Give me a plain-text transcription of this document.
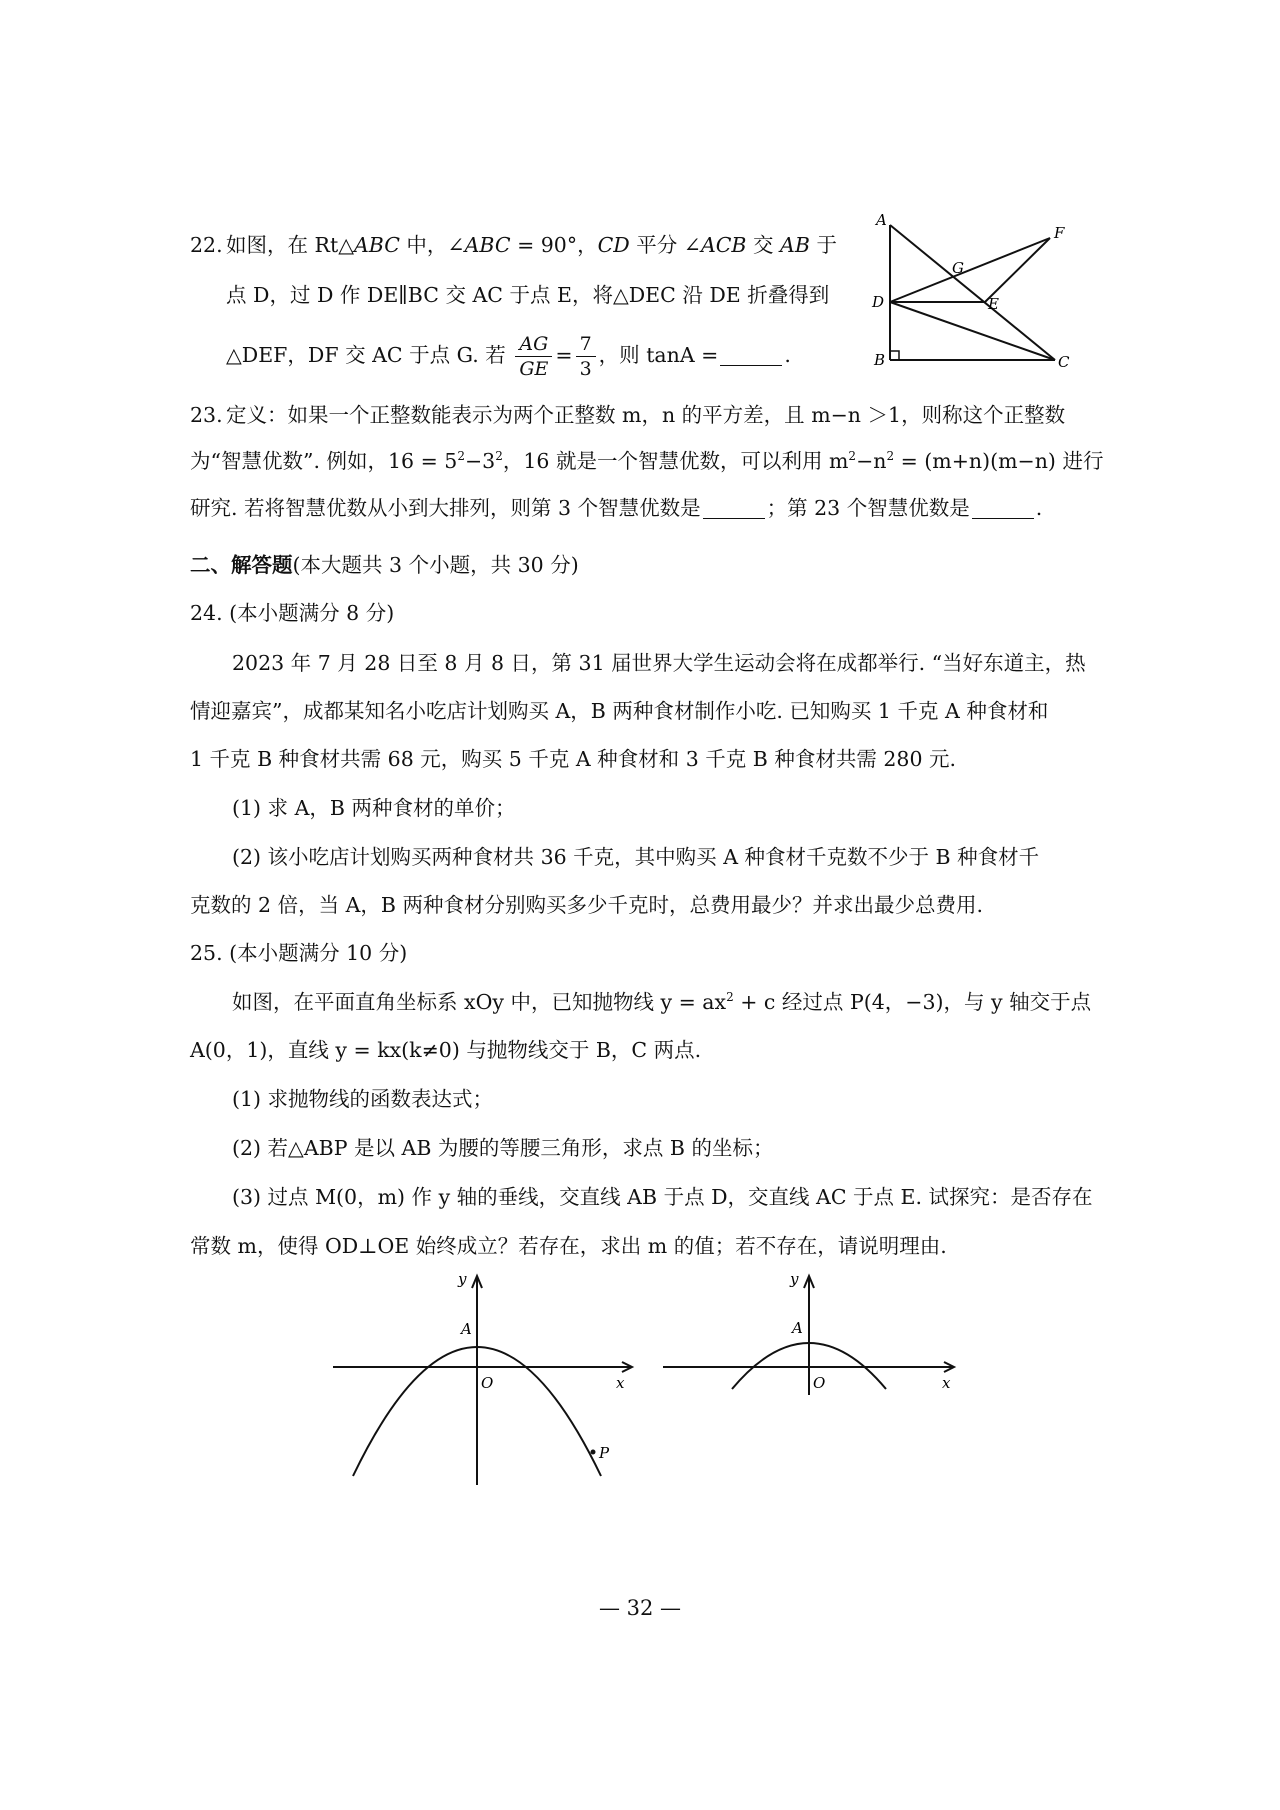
22. 如图，在 Rt△ABC 中，∠ABC = 90°，CD 平分 ∠ACB 交 AB 于
点 D，过 D 作 DE∥BC 交 AC 于点 E，将△DEC 沿 DE 折叠得到
△DEF，DF 交 AC 于点 G. 若 $\frac{AG}{GE} = \frac{7}{3}$ ，则 tanA =	.
A
B	C
D	E
F
G
23. 定义：如果一个正整数能表示为两个正整数 m，n 的平方差，且 m−n ＞1，则称这个正整数
为“智慧优数”. 例如，$16 = 5^2-3^2$，16 就是一个智慧优数，可以利用 $m^2-n^2 = (m+n)(m-n)$ 进行
研究. 若将智慧优数从小到大排列，则第 3 个智慧优数是	；第 23 个智慧优数是	.
二、解答题(本大题共 3 个小题，共 30 分)
24. (本小题满分 8 分)
2023 年 7 月 28 日至 8 月 8 日，第 31 届世界大学生运动会将在成都举行. “当好东道主，热
情迎嘉宾”，成都某知名小吃店计划购买 A，B 两种食材制作小吃. 已知购买 1 千克 A 种食材和
1 千克 B 种食材共需 68 元，购买 5 千克 A 种食材和 3 千克 B 种食材共需 280 元.
(1) 求 A，B 两种食材的单价；
(2) 该小吃店计划购买两种食材共 36 千克，其中购买 A 种食材千克数不少于 B 种食材千
克数的 2 倍，当 A，B 两种食材分别购买多少千克时，总费用最少？并求出最少总费用.
25. (本小题满分 10 分)
如图，在平面直角坐标系 xOy 中，已知抛物线 $y = ax^2 + c$ 经过点 P(4，−3)，与 y 轴交于点
A(0，1)，直线 y = kx(k≠0) 与抛物线交于 B，C 两点.
(1) 求抛物线的函数表达式；
(2) 若△ABP 是以 AB 为腰的等腰三角形，求点 B 的坐标；
(3) 过点 M(0，m) 作 y 轴的垂线，交直线 AB 于点 D，交直线 AC 于点 E. 试探究：是否存在
常数 m，使得 OD⊥OE 始终成立？若存在，求出 m 的值；若不存在，请说明理由.
y
x
A
O
P
y
x
A
O
— 32 —
